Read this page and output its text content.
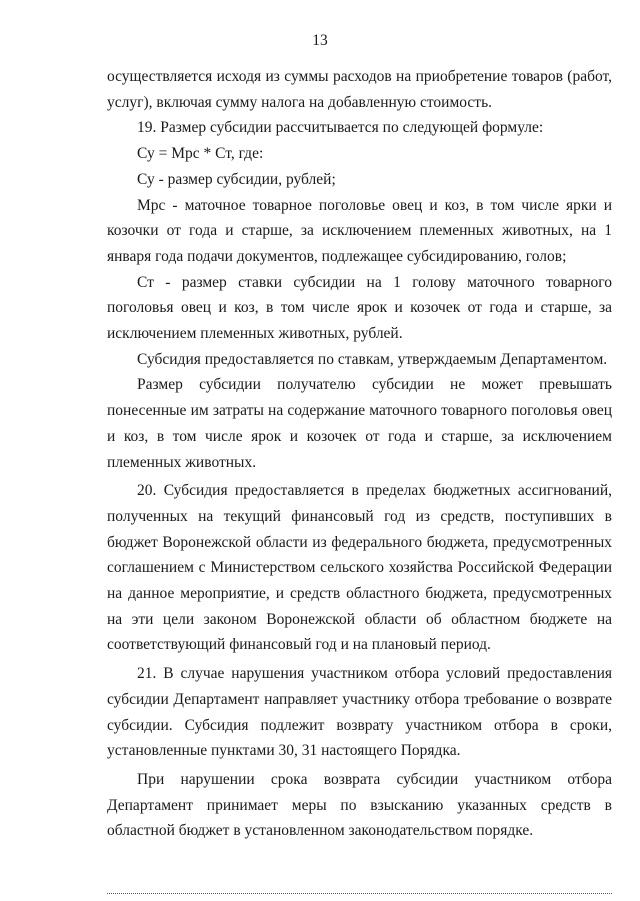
13

осуществляется исходя из суммы расходов на приобретение товаров (работ, услуг), включая сумму налога на добавленную стоимость.

19. Размер субсидии рассчитывается по следующей формуле:

Су = Мрс * Ст, где:

Су - размер субсидии, рублей;

Мрс - маточное товарное поголовье овец и коз, в том числе ярки и козочки от года и старше, за исключением племенных животных, на 1 января года подачи документов, подлежащее субсидированию, голов;

Ст - размер ставки субсидии на 1 голову маточного товарного поголовья овец и коз, в том числе ярок и козочек от года и старше, за исключением племенных животных, рублей.

Субсидия предоставляется по ставкам, утверждаемым Департаментом.

Размер субсидии получателю субсидии не может превышать понесенные им затраты на содержание маточного товарного поголовья овец и коз, в том числе ярок и козочек от года и старше, за исключением племенных животных.

20. Субсидия предоставляется в пределах бюджетных ассигнований, полученных на текущий финансовый год из средств, поступивших в бюджет Воронежской области из федерального бюджета, предусмотренных соглашением с Министерством сельского хозяйства Российской Федерации на данное мероприятие, и средств областного бюджета, предусмотренных на эти цели законом Воронежской области об областном бюджете на соответствующий финансовый год и на плановый период.

21. В случае нарушения участником отбора условий предоставления субсидии Департамент направляет участнику отбора требование о возврате субсидии. Субсидия подлежит возврату участником отбора в сроки, установленные пунктами 30, 31 настоящего Порядка.

При нарушении срока возврата субсидии участником отбора Департамент принимает меры по взысканию указанных средств в областной бюджет в установленном законодательством порядке.
